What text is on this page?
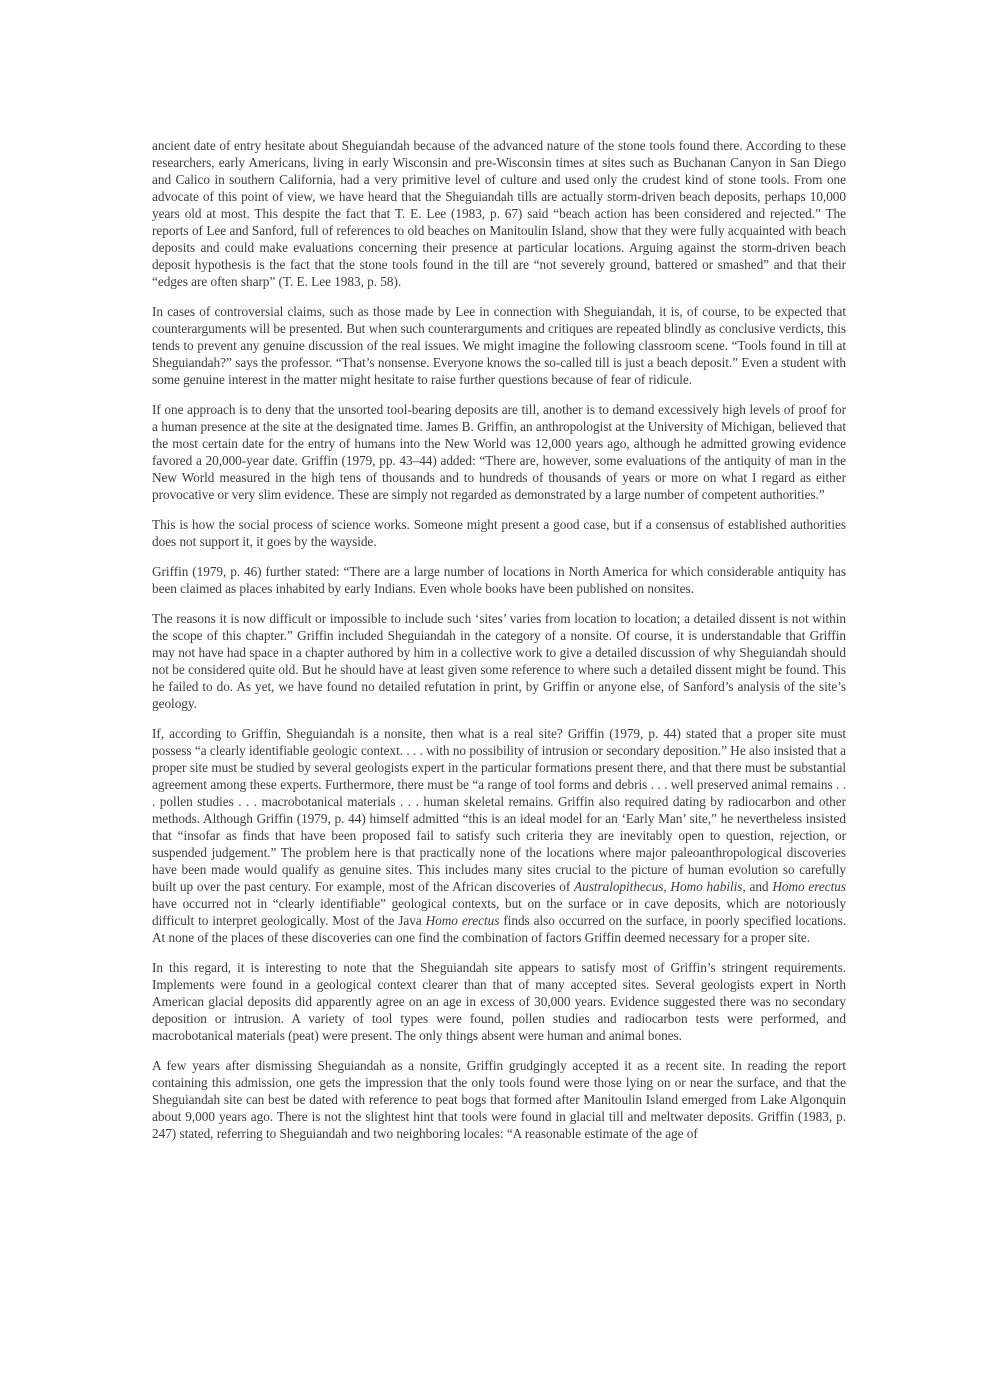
ancient date of entry hesitate about Sheguiandah because of the advanced nature of the stone tools found there. According to these researchers, early Americans, living in early Wisconsin and pre-Wisconsin times at sites such as Buchanan Canyon in San Diego and Calico in southern California, had a very primitive level of culture and used only the crudest kind of stone tools. From one advocate of this point of view, we have heard that the Sheguiandah tills are actually storm-driven beach deposits, perhaps 10,000 years old at most. This despite the fact that T. E. Lee (1983, p. 67) said “beach action has been considered and rejected.” The reports of Lee and Sanford, full of references to old beaches on Manitoulin Island, show that they were fully acquainted with beach deposits and could make evaluations concerning their presence at particular locations. Arguing against the storm-driven beach deposit hypothesis is the fact that the stone tools found in the till are “not severely ground, battered or smashed” and that their “edges are often sharp” (T. E. Lee 1983, p. 58).

In cases of controversial claims, such as those made by Lee in connection with Sheguiandah, it is, of course, to be expected that counterarguments will be presented. But when such counterarguments and critiques are repeated blindly as conclusive verdicts, this tends to prevent any genuine discussion of the real issues. We might imagine the following classroom scene. “Tools found in till at Sheguiandah?” says the professor. “That’s nonsense. Everyone knows the so-called till is just a beach deposit.” Even a student with some genuine interest in the matter might hesitate to raise further questions because of fear of ridicule.

If one approach is to deny that the unsorted tool-bearing deposits are till, another is to demand excessively high levels of proof for a human presence at the site at the designated time. James B. Griffin, an anthropologist at the University of Michigan, believed that the most certain date for the entry of humans into the New World was 12,000 years ago, although he admitted growing evidence favored a 20,000-year date. Griffin (1979, pp. 43–44) added: “There are, however, some evaluations of the antiquity of man in the New World measured in the high tens of thousands and to hundreds of thousands of years or more on what I regard as either provocative or very slim evidence. These are simply not regarded as demonstrated by a large number of competent authorities.”

This is how the social process of science works. Someone might present a good case, but if a consensus of established authorities does not support it, it goes by the wayside.

Griffin (1979, p. 46) further stated: “There are a large number of locations in North America for which considerable antiquity has been claimed as places inhabited by early Indians. Even whole books have been published on nonsites.

The reasons it is now difficult or impossible to include such ‘sites’ varies from location to location; a detailed dissent is not within the scope of this chapter.” Griffin included Sheguiandah in the category of a nonsite. Of course, it is understandable that Griffin may not have had space in a chapter authored by him in a collective work to give a detailed discussion of why Sheguiandah should not be considered quite old. But he should have at least given some reference to where such a detailed dissent might be found. This he failed to do. As yet, we have found no detailed refutation in print, by Griffin or anyone else, of Sanford’s analysis of the site’s geology.

If, according to Griffin, Sheguiandah is a nonsite, then what is a real site? Griffin (1979, p. 44) stated that a proper site must possess “a clearly identifiable geologic context. . . . with no possibility of intrusion or secondary deposition.” He also insisted that a proper site must be studied by several geologists expert in the particular formations present there, and that there must be substantial agreement among these experts. Furthermore, there must be “a range of tool forms and debris . . . well preserved animal remains . . . pollen studies . . . macrobotanical materials . . . human skeletal remains. Griffin also required dating by radiocarbon and other methods. Although Griffin (1979, p. 44) himself admitted “this is an ideal model for an ‘Early Man’ site,” he nevertheless insisted that “insofar as finds that have been proposed fail to satisfy such criteria they are inevitably open to question, rejection, or suspended judgement.” The problem here is that practically none of the locations where major paleoanthropological discoveries have been made would qualify as genuine sites. This includes many sites crucial to the picture of human evolution so carefully built up over the past century. For example, most of the African discoveries of Australopithecus, Homo habilis, and Homo erectus have occurred not in “clearly identifiable” geological contexts, but on the surface or in cave deposits, which are notoriously difficult to interpret geologically. Most of the Java Homo erectus finds also occurred on the surface, in poorly specified locations. At none of the places of these discoveries can one find the combination of factors Griffin deemed necessary for a proper site.

In this regard, it is interesting to note that the Sheguiandah site appears to satisfy most of Griffin’s stringent requirements. Implements were found in a geological context clearer than that of many accepted sites. Several geologists expert in North American glacial deposits did apparently agree on an age in excess of 30,000 years. Evidence suggested there was no secondary deposition or intrusion. A variety of tool types were found, pollen studies and radiocarbon tests were performed, and macrobotanical materials (peat) were present. The only things absent were human and animal bones.

A few years after dismissing Sheguiandah as a nonsite, Griffin grudgingly accepted it as a recent site. In reading the report containing this admission, one gets the impression that the only tools found were those lying on or near the surface, and that the Sheguiandah site can best be dated with reference to peat bogs that formed after Manitoulin Island emerged from Lake Algonquin about 9,000 years ago. There is not the slightest hint that tools were found in glacial till and meltwater deposits. Griffin (1983, p. 247) stated, referring to Sheguiandah and two neighboring locales: “A reasonable estimate of the age of
